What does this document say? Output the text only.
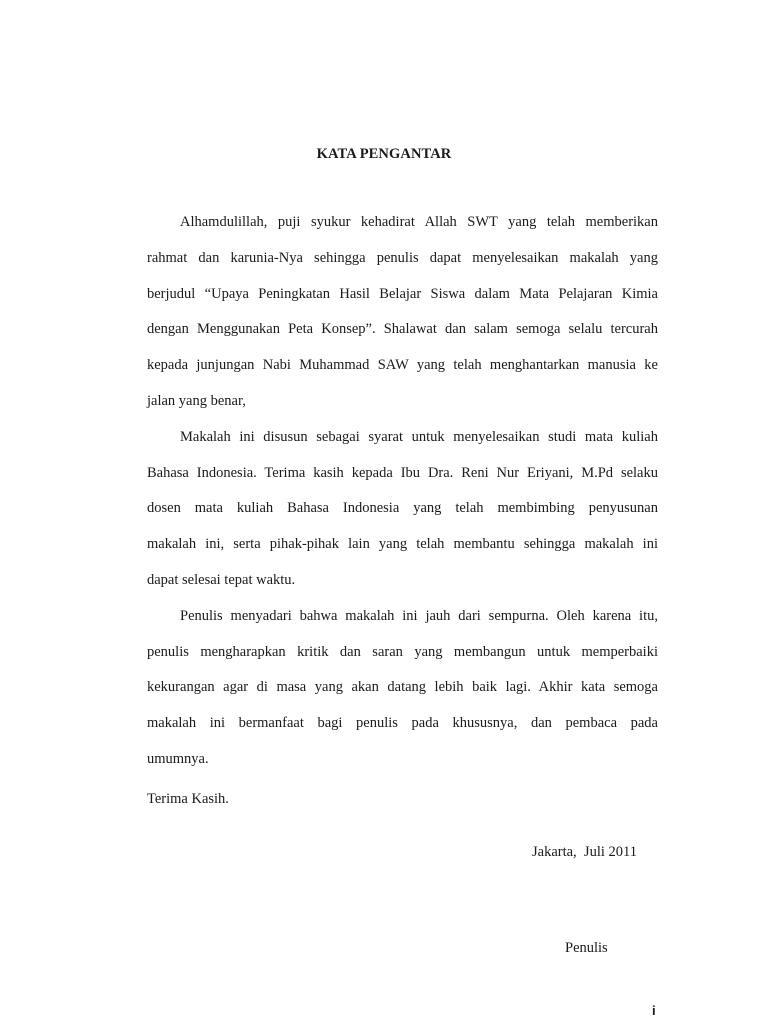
KATA PENGANTAR

Alhamdulillah, puji syukur kehadirat Allah SWT yang telah memberikan
rahmat dan karunia-Nya sehingga penulis dapat menyelesaikan makalah yang
berjudul “Upaya Peningkatan Hasil Belajar Siswa dalam Mata Pelajaran Kimia
dengan Menggunakan Peta Konsep”. Shalawat dan salam semoga selalu tercurah
kepada junjungan Nabi Muhammad SAW yang telah menghantarkan manusia ke
jalan yang benar,

Makalah ini disusun sebagai syarat untuk menyelesaikan studi mata kuliah
Bahasa Indonesia. Terima kasih kepada Ibu Dra. Reni Nur Eriyani, M.Pd selaku
dosen mata kuliah Bahasa Indonesia yang telah membimbing penyusunan
makalah ini, serta pihak-pihak lain yang telah membantu sehingga makalah ini
dapat selesai tepat waktu.

Penulis menyadari bahwa makalah ini jauh dari sempurna. Oleh karena itu,
penulis mengharapkan kritik dan saran yang membangun untuk memperbaiki
kekurangan agar di masa yang akan datang lebih baik lagi. Akhir kata semoga
makalah ini bermanfaat bagi penulis pada khususnya, dan pembaca pada
umumnya.

Terima Kasih.
Jakarta,  Juli 2011
Penulis
i
